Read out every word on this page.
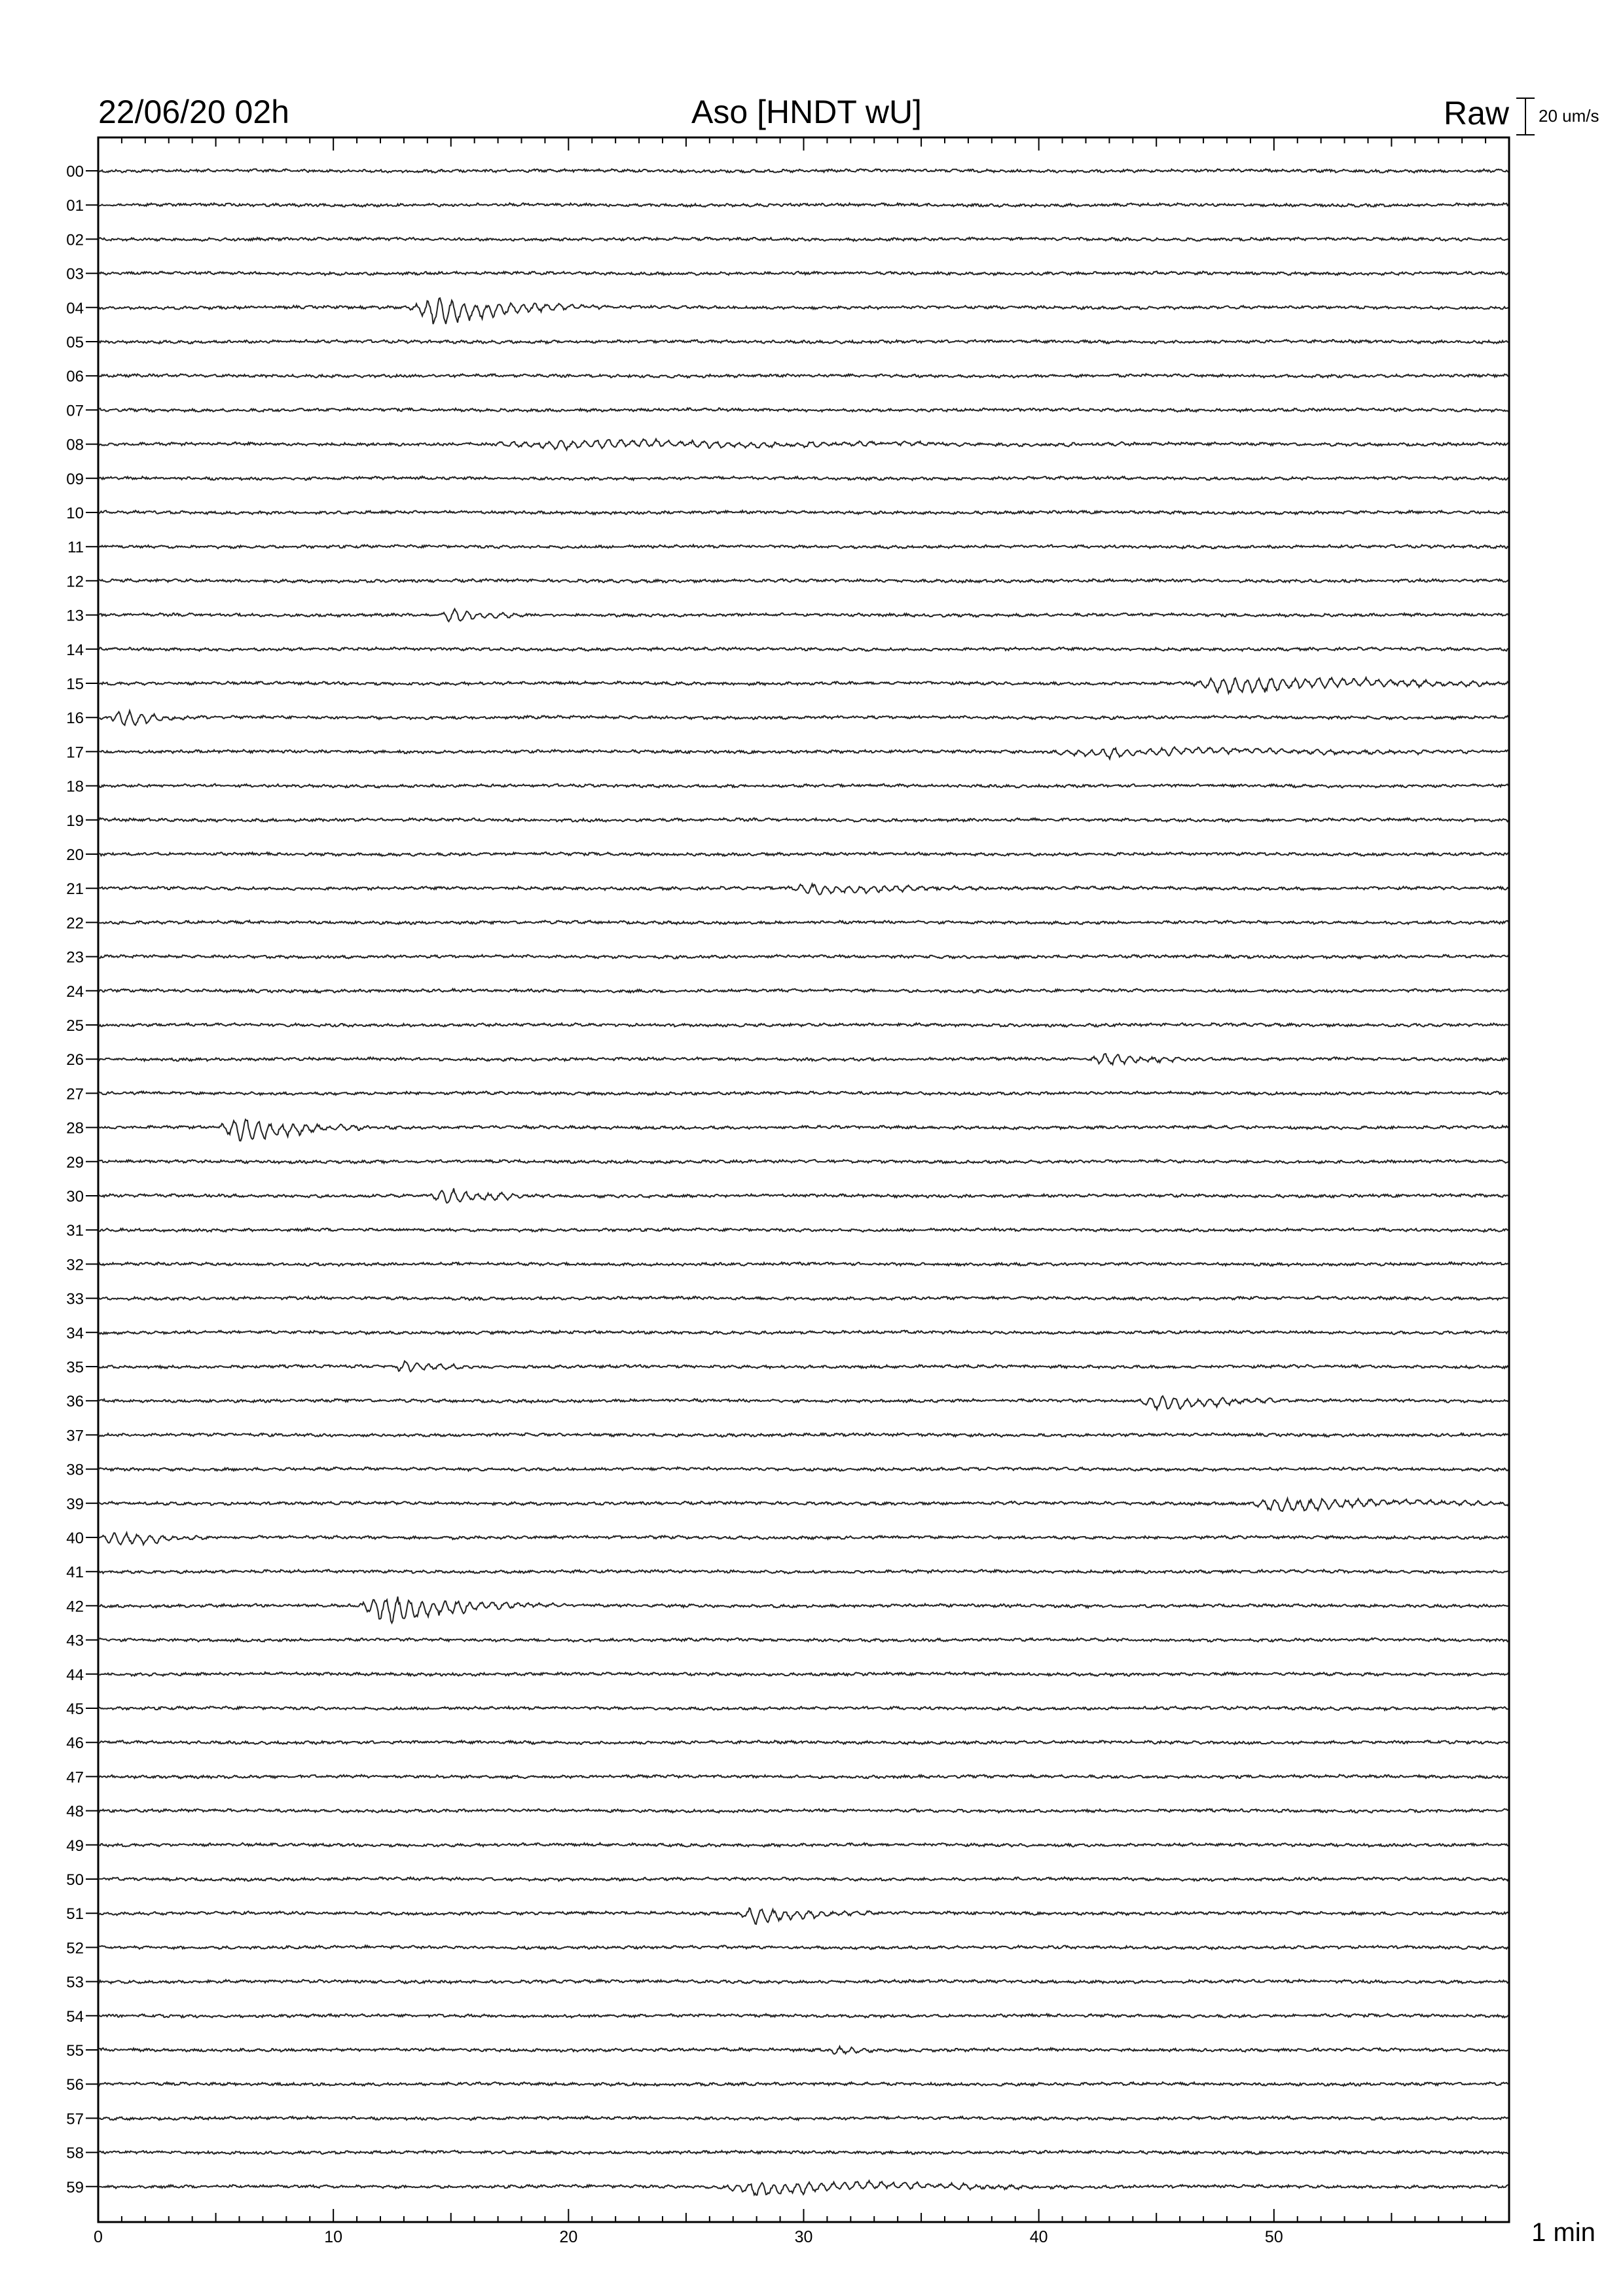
22/06/20 02h	Aso [HNDT wU]	Raw 20 um/s
00
01
02
03
04
05
06
07
08
09
10
11
12
13
14
15
16
17
18
19
20
21
22
23
24
25
26
27
28
29
30
31
32
33
34
35
36
37
38
39
40
41
42
43
44
45
46
47
48
49
50
51
52
53
54
55
56
57
58
59
0	10	20	30	40	50	1 min
